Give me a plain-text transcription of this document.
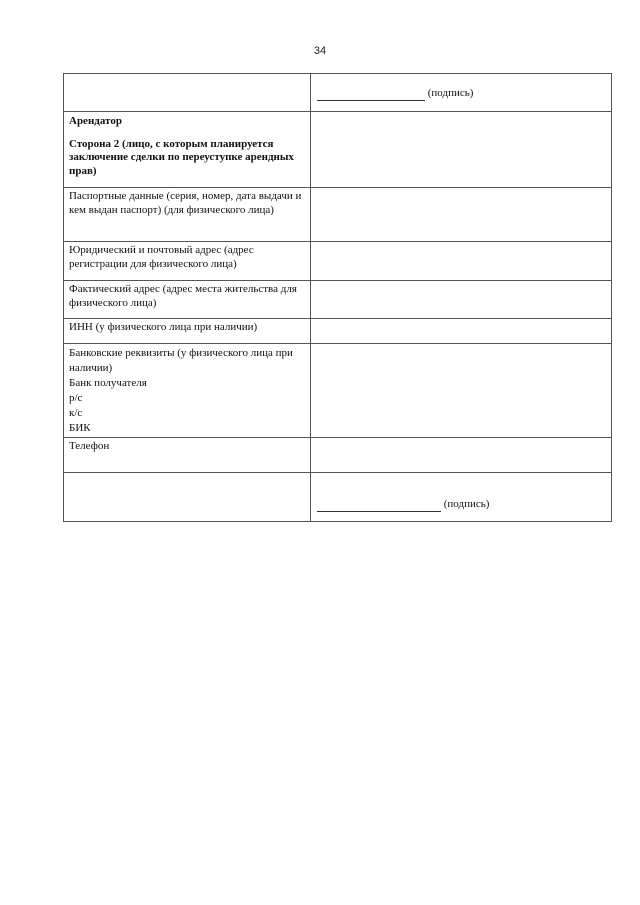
34

	(подпись)

Арендатор
Сторона 2 (лицо, с которым планируется заключение сделки по переуступке арендных прав)	

Паспортные данные (серия, номер, дата выдачи и кем выдан паспорт) (для физического лица)	

Юридический и почтовый адрес (адрес регистрации для физического лица)	

Фактический адрес (адрес места жительства для физического лица)	

ИНН (у физического лица при наличии)	

Банковские реквизиты (у физического лица при наличии)
Банк получателя
р/с
к/с
БИК	

Телефон	

	(подпись)
